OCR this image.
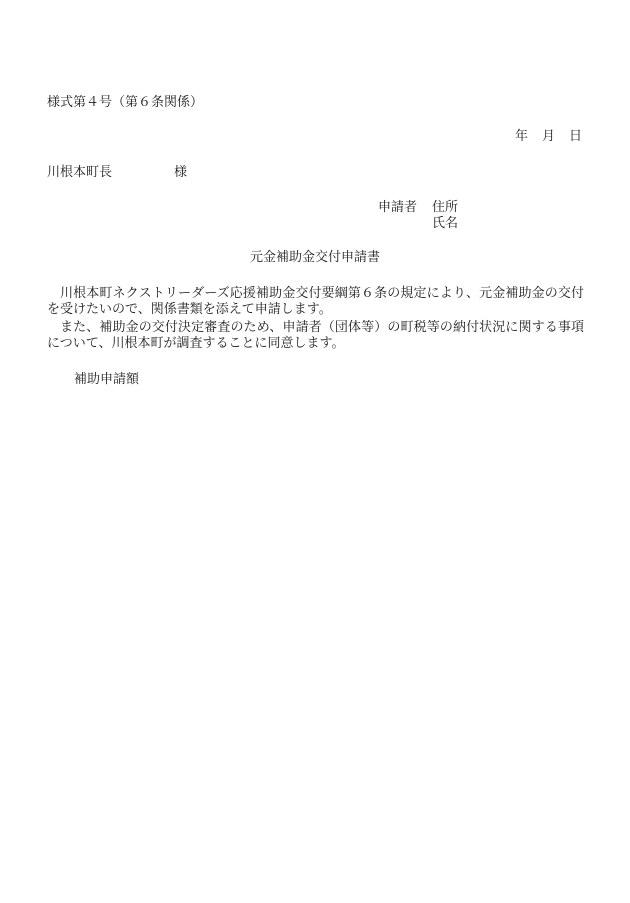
様式第４号（第６条関係）
年 月 日
川根本町長	様
申請者 住所
氏名
元金補助金交付申請書

川根本町ネクストリーダーズ応援補助金交付要綱第６条の規定により、元金補助金の交付を受けたいので、関係書類を添えて申請します。

また、補助金の交付決定審査のため、申請者（団体等）の町税等の納付状況に関する事項について、川根本町が調査することに同意します。

補助申請額
